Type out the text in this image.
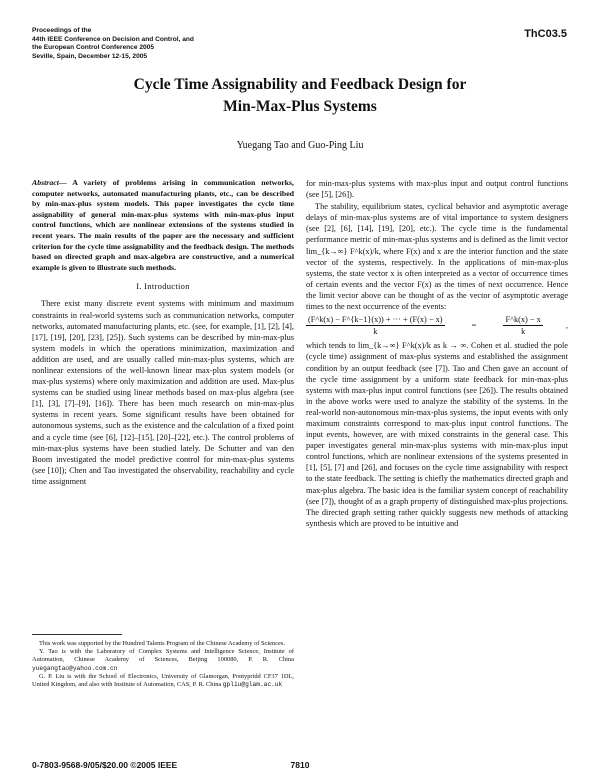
Proceedings of the
44th IEEE Conference on Decision and Control, and
the European Control Conference 2005
Seville, Spain, December 12-15, 2005
ThC03.5
Cycle Time Assignability and Feedback Design for
Min-Max-Plus Systems
Yuegang Tao and Guo-Ping Liu

Abstract— A variety of problems arising in communication networks, computer networks, automated manufacturing plants, etc., can be described by min-max-plus system models. This paper investigates the cycle time assignability of general min-max-plus systems with min-max-plus input control functions, which are nonlinear extensions of the systems studied in recent years. The main results of the paper are the necessary and sufficient criterion for the cycle time assignability and the feedback design. The methods based on directed graph and max-algebra are constructive, and a numerical example is given to illustrate such methods.

I. Introduction

There exist many discrete event systems with minimum and maximum constraints in real-world systems such as communication networks, computer networks, automated manufacturing plants, etc. (see, for example, [1], [2], [4], [17], [19], [20], [23], [25]). Such systems can be described by min-max-plus system models in which the operations minimization, maximization and addition are used, and are usually called min-max-plus systems, which are nonlinear extensions of the well-known linear max-plus system models (or max-plus systems) where only maximization and addition are used. Max-plus systems can be studied using linear methods based on max-plus algebra (see [1], [3], [7]–[9], [16]). There has been much research on min-max-plus systems in recent years. Some significant results have been obtained for autonomous systems, such as the existence and the calculation of a fixed point and a cycle time (see [6], [12]–[15], [20]–[22], etc.). The control problems of min-max-plus systems have been studied lately. De Schutter and van den Boom investigated the model predictive control for min-max-plus systems (see [10]); Chen and Tao investigated the observability, reachability and cycle time assignment

This work was supported by the Hundred Talents Program of the Chinese Academy of Sciences.

Y. Tao is with the Laboratory of Complex Systems and Intelligence Science, Institute of Automation, Chinese Academy of Sciences, Beijing 100080, P. R. China yuegangtao@yahoo.com.cn

G. P. Liu is with the School of Electronics, University of Glamorgan, Pontypridd CF37 1DL, United Kingdom, and also with Institute of Automation, CAS, P. R. China gpliu@glam.ac.uk

for min-max-plus systems with max-plus input and output control functions (see [5], [26]).

The stability, equilibrium states, cyclical behavior and asymptotic average delays of min-max-plus systems are of vital importance to system designers (see [2], [6], [14], [19], [20], etc.). The cycle time is the fundamental performance metric of min-max-plus systems and is defined as the limit vector lim_{k→∞} F^k(x)/k, where F(x) and x are the interior function and the state vector of the systems, respectively. In the applications of min-max-plus systems, the state vector x is often interpreted as a vector of occurrence times of certain events and the vector F(x) as the times of next occurrence. Hence the limit vector above can be thought of as the vector of asymptotic average times to the next occurrence of the events:

$\frac{(F\^{}k(x) - F\^{}\{k-1\}(x)) + \cdot\cdot\cdot + (F(x) - x)}{k}$	=	$\frac{F\^{}k(x) - x}{k}$	,

which tends to lim_{k→∞} F^k(x)/k as k → ∞. Cohen et al. studied the pole (cycle time) assignment of max-plus systems and established the assignment condition by an output feedback (see [7]). Tao and Chen gave an account of the cycle time assignment by a uniform state feedback for min-max-plus systems with max-plus input control functions (see [26]). The results obtained in the above works were used to analyze the stability of the systems. In the real-world non-autonomous min-max-plus systems, the input events with only maximum constraints correspond to max-plus input control functions. The input events, however, are with mixed constraints in the general case. This paper investigates general min-max-plus systems with min-max-plus input control functions, which are nonlinear extensions of the systems presented in [1], [5], [7] and [26], and focuses on the cycle time assignability with respect to the state feedback. The setting is chiefly the mathematics directed graph and max-plus algebra. The basic idea is the familiar system concept of reachability (see [7]), thought of as a graph property of distinguished max-plus projections. The directed graph setting rather quickly suggests new methods of attacking synthesis which are proved to be intuitive and

0-7803-9568-9/05/$20.00 ©2005 IEEE	7810
